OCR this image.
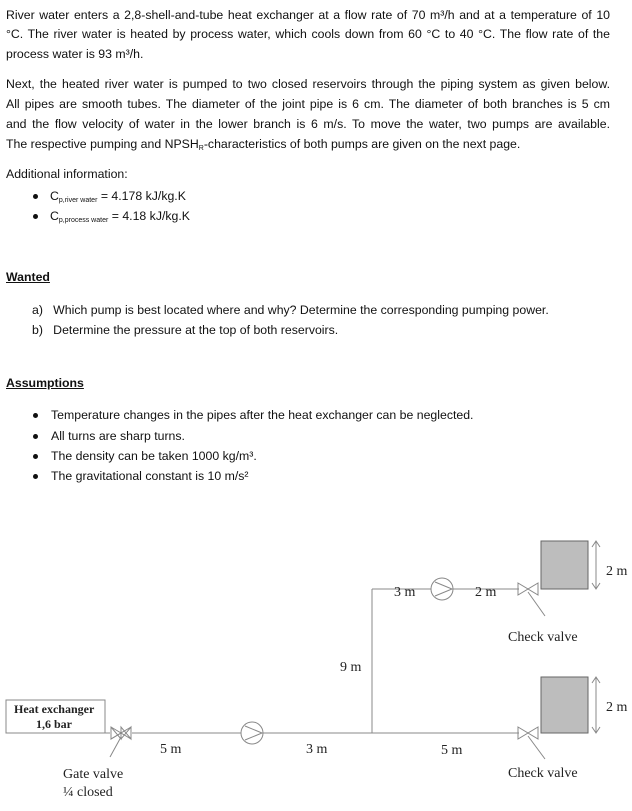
River water enters a 2,8-shell-and-tube heat exchanger at a flow rate of 70 m³/h and at a temperature of 10
°C. The river water is heated by process water, which cools down from 60 °C to 40 °C. The flow rate of the
process water is 93 m³/h.
Next, the heated river water is pumped to two closed reservoirs through the piping system as given below.
All pipes are smooth tubes. The diameter of the joint pipe is 6 cm. The diameter of both branches is 5 cm
and the flow velocity of water in the lower branch is 6 m/s. To move the water, two pumps are available.
The respective pumping and $NPSH_R$-characteristics of both pumps are given on the next page.
Additional information:
$C_{p,river water} = 4.178$ kJ/kg.K
$C_{p,process water} = 4.18$ kJ/kg.K
Wanted
a)   Which pump is best located where and why? Determine the corresponding pumping power.
b)   Determine the pressure at the top of both reservoirs.
Assumptions
Temperature changes in the pipes after the heat exchanger can be neglected.
All turns are sharp turns.
The density can be taken 1000 kg/m³.
The gravitational constant is 10 m/s²
Heat exchanger
1,6 bar
Gate valve
¼ closed
5 m	3 m
9 m
3 m	2 m
5 m
Check valve
Check valve
2 m
2 m
